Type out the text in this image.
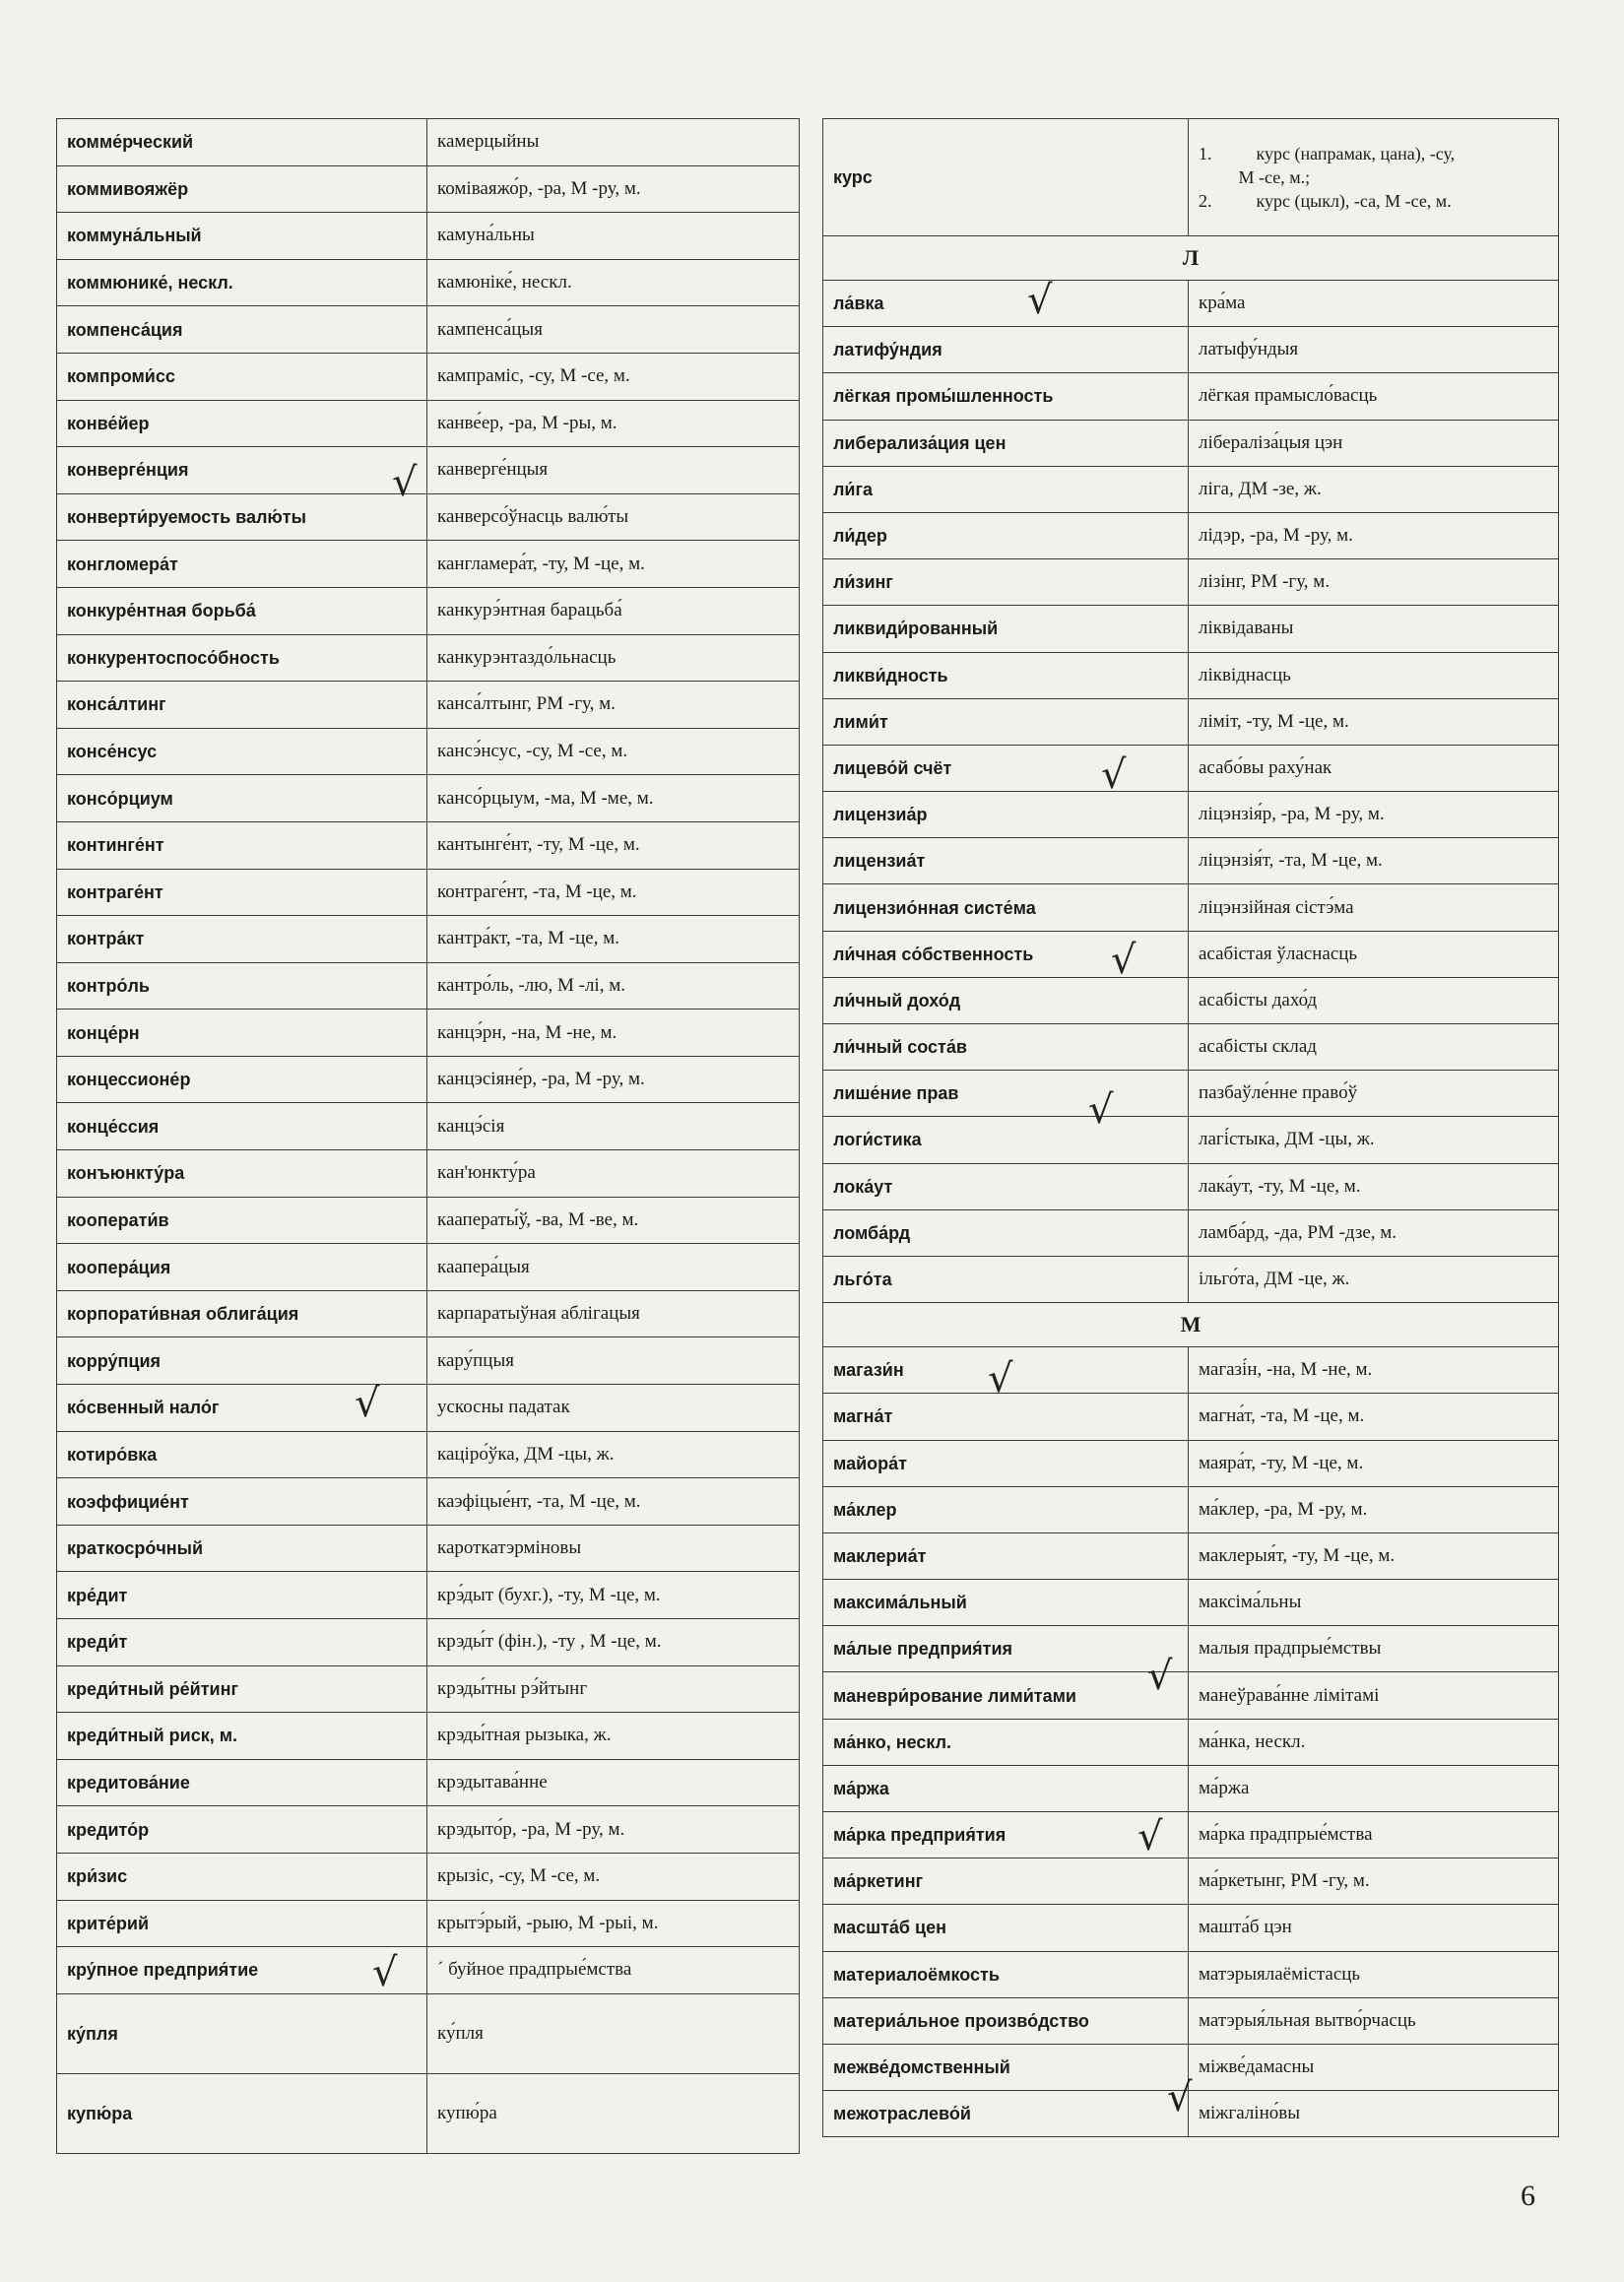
комме́рческий	камерцыйны
коммивояжёр	коміваяжо́р, -ра, М -ру, м.
коммуна́льный	камуна́льны
коммюнике́, нескл.	камюніке́, нескл.
компенса́ция	кампенса́цыя
компроми́сс	кампраміс, -су, М -се, м.
конве́йер	канве́ер, -ра, М -ры, м.
конверге́нция	канверге́нцыя
конверти́руемость валю́ты	канверсо́ўнасць валю́ты
конгломера́т	кангламера́т, -ту, М -це, м.
конкуре́нтная борьба́	канкурэ́нтная барацьба́
конкурентоспосо́бность	канкурэнтаздо́льнасць
конса́лтинг	канса́лтынг, РМ -гу, м.
консе́нсус	кансэ́нсус, -су, М -се, м.
консо́рциум	кансо́рцыум, -ма, М -ме, м.
континге́нт	кантынге́нт, -ту, М -це, м.
контраге́нт	контраге́нт, -та, М -це, м.
контра́кт	кантра́кт, -та, М -це, м.
контро́ль	кантро́ль, -лю, М -лі, м.
конце́рн	канцэ́рн, -на, М -не, м.
концессионе́р	канцэсіяне́р, -ра, М -ру, м.
конце́ссия	канцэ́сія
конъюнкту́ра	кан'юнкту́ра
кооперати́в	кааператы́ў, -ва, М -ве, м.
коопера́ция	каапера́цыя
корпорати́вная облига́ция	карпаратыўная аблігацыя
корру́пция	кару́пцыя
ко́свенный нало́г	ускосны падатак
котиро́вка	каціро́ўка, ДМ -цы, ж.
коэффицие́нт	каэфіцые́нт, -та, М -це, м.
краткосро́чный	кароткатэрміновы
кре́дит	крэ́дыт (бухг.), -ту, М -це, м.
креди́т	крэды́т (фін.), -ту , М -це, м.
креди́тный ре́йтинг	крэды́тны рэ́йтынг
креди́тный риск, м.	крэды́тная рызыка, ж.
кредитова́ние	крэдытава́нне
кредито́р	крэдыто́р, -ра, М -ру, м.
кри́зис	крызіс, -су, М -се, м.
крите́рий	крытэ́рый, -рыю, М -рыі, м.
кру́пное предприя́тие	´ буйное прадпрые́мства
ку́пля	ку́пля
купю́ра	купю́ра
курс	1.          курс (напрамак, цана), -су,
М -се, м.;
2.          курс (цыкл), -са, М -се, м.

Л	
ла́вка	кра́ма
латифу́ндия	латыфу́ндыя
лёгкая промы́шленность	лёгкая прамысло́васць
либерализа́ция цен	лібераліза́цыя цэн
ли́га	ліга, ДМ -зе, ж.
ли́дер	лідэр, -ра, М -ру, м.
ли́зинг	лізінг, РМ -гу, м.
ликвиди́рованный	ліквідаваны
ликви́дность	ліквіднасць
лими́т	ліміт, -ту, М -це, м.
лицево́й счёт	асабо́вы раху́нак
лицензиа́р	ліцэнзія́р, -ра, М -ру, м.
лицензиа́т	ліцэнзія́т, -та, М -це, м.
лицензио́нная систе́ма	ліцэнзійная сістэ́ма
ли́чная со́бственность	асабістая ўласнасць
ли́чный дохо́д	асабісты дахо́д
ли́чный соста́в	асабісты склад
лише́ние прав	пазбаўле́нне право́ў
логи́стика	лагі́стыка, ДМ -цы, ж.
лока́ут	лака́ут, -ту, М -це, м.
ломба́рд	ламба́рд, -да, РМ -дзе, м.
льго́та	ільго́та, ДМ -це, ж.
М	
магази́н	магазі́н, -на, М -не, м.
магна́т	магна́т, -та, М -це, м.
майора́т	маяра́т, -ту, М -це, м.
ма́клер	ма́клер, -ра, М -ру, м.
маклериа́т	маклерыя́т, -ту, М -це, м.
максима́льный	максіма́льны
ма́лые предприя́тия	малыя прадпрые́мствы
маневри́рование лими́тами	манеўрава́нне лімітамі
ма́нко, нескл.	ма́нка, нескл.
ма́ржа	ма́ржа
ма́рка предприя́тия	ма́рка прадпрые́мства
ма́ркетинг	ма́ркетынг, РМ -гу, м.
масшта́б цен	машта́б цэн
материалоёмкость	матэрыялаёмістасць
материа́льное произво́дство	матэрыя́льная вытво́рчасць
межве́домственный	міжве́дамасны
межотраслево́й	міжгаліно́вы
√
√
√
√
√
√
√
√
√
√
√
6
